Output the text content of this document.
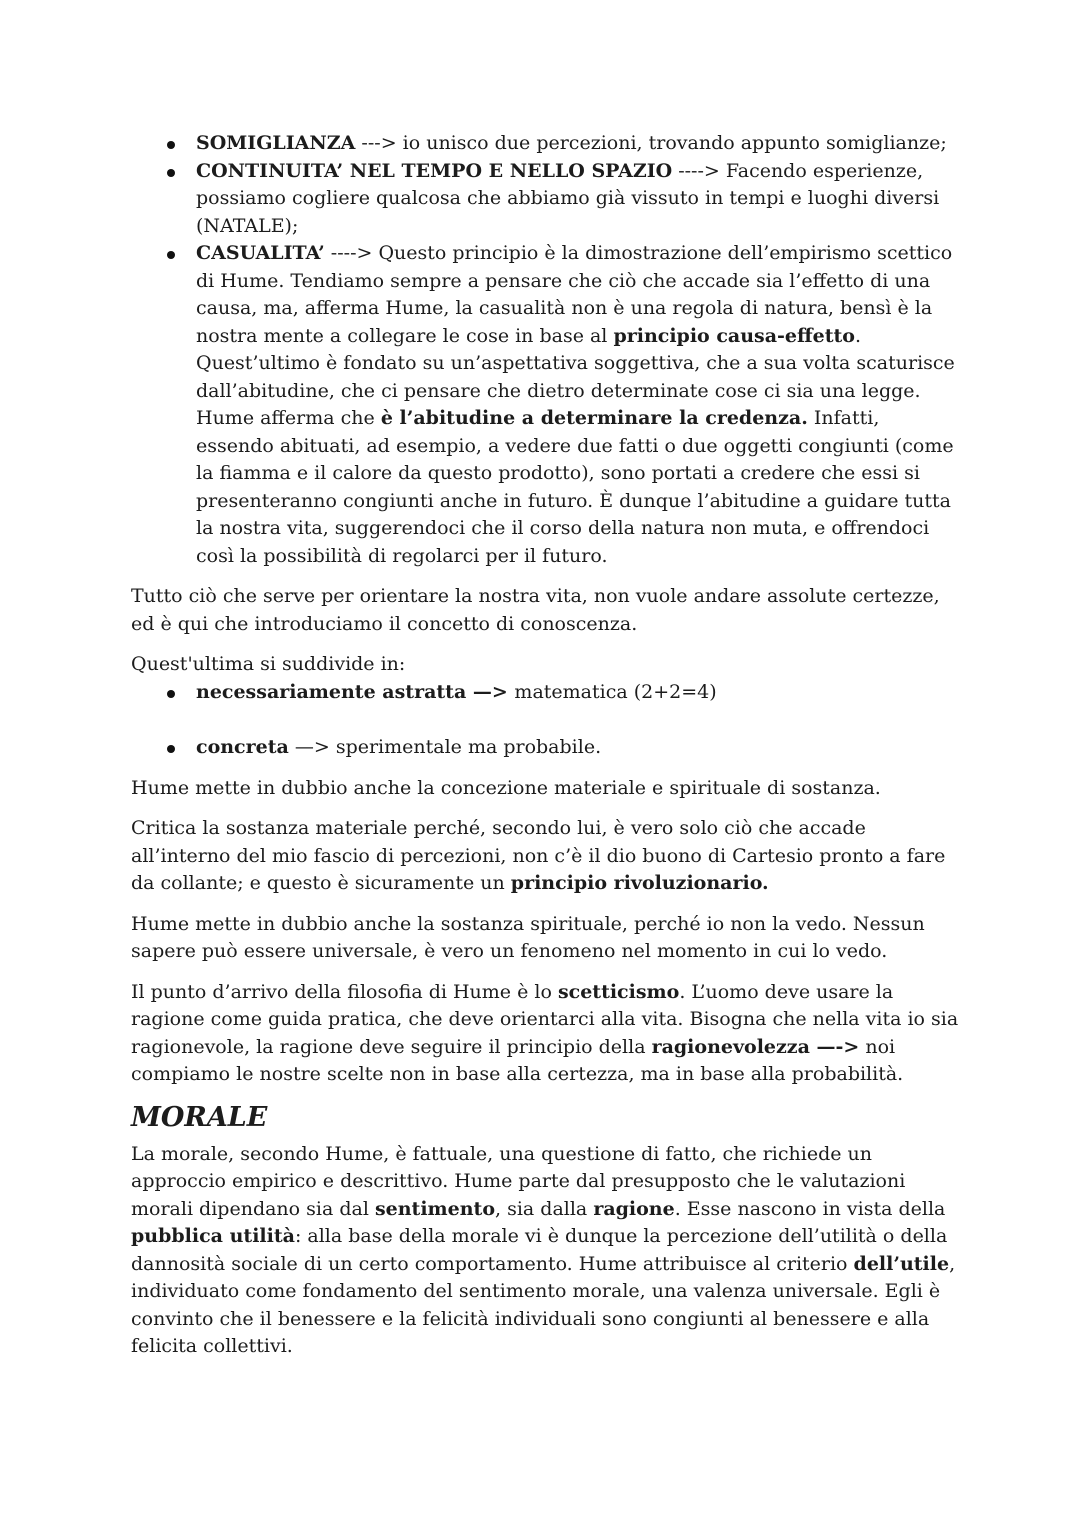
SOMIGLIANZA ---> io unisco due percezioni, trovando appunto somiglianze;
CONTINUITA’ NEL TEMPO E NELLO SPAZIO ----> Facendo esperienze, possiamo cogliere qualcosa che abbiamo già vissuto in tempi e luoghi diversi (NATALE);
CASUALITA’ ----> Questo principio è la dimostrazione dell’empirismo scettico di Hume. Tendiamo sempre a pensare che ciò che accade sia l’effetto di una causa, ma, afferma Hume, la casualità non è una regola di natura, bensì è la nostra mente a collegare le cose in base al principio causa-effetto. Quest’ultimo è fondato su un’aspettativa soggettiva, che a sua volta scaturisce dall’abitudine, che ci pensare che dietro determinate cose ci sia una legge. Hume afferma che è l’abitudine a determinare la credenza. Infatti, essendo abituati, ad esempio, a vedere due fatti o due oggetti congiunti (come la fiamma e il calore da questo prodotto), sono portati a credere che essi si presenteranno congiunti anche in futuro. È dunque l’abitudine a guidare tutta la nostra vita, suggerendoci che il corso della natura non muta, e offrendoci così la possibilità di regolarci per il futuro.

Tutto ciò che serve per orientare la nostra vita, non vuole andare assolute certezze, ed è qui che introduciamo il concetto di conoscenza.

Quest'ultima si suddivide in:

necessariamente astratta —> matematica (2+2=4)
concreta —> sperimentale ma probabile.

Hume mette in dubbio anche la concezione materiale e spirituale di sostanza.

Critica la sostanza materiale perché, secondo lui, è vero solo ciò che accade all’interno del mio fascio di percezioni, non c’è il dio buono di Cartesio pronto a fare da collante; e questo è sicuramente un principio rivoluzionario.

Hume mette in dubbio anche la sostanza spirituale, perché io non la vedo. Nessun sapere può essere universale, è vero un fenomeno nel momento in cui lo vedo.

Il punto d’arrivo della filosofia di Hume è lo scetticismo. L’uomo deve usare la ragione come guida pratica, che deve orientarci alla vita. Bisogna che nella vita io sia ragionevole, la ragione deve seguire il principio della ragionevolezza —-> noi compiamo le nostre scelte non in base alla certezza, ma in base alla probabilità.

MORALE

La morale, secondo Hume, è fattuale, una questione di fatto, che richiede un approccio empirico e descrittivo. Hume parte dal presupposto che le valutazioni morali dipendano sia dal sentimento, sia dalla ragione. Esse nascono in vista della pubblica utilità: alla base della morale vi è dunque la percezione dell’utilità o della dannosità sociale di un certo comportamento. Hume attribuisce al criterio dell’utile, individuato come fondamento del sentimento morale, una valenza universale. Egli è convinto che il benessere e la felicità individuali sono congiunti al benessere e alla felicita collettivi.
